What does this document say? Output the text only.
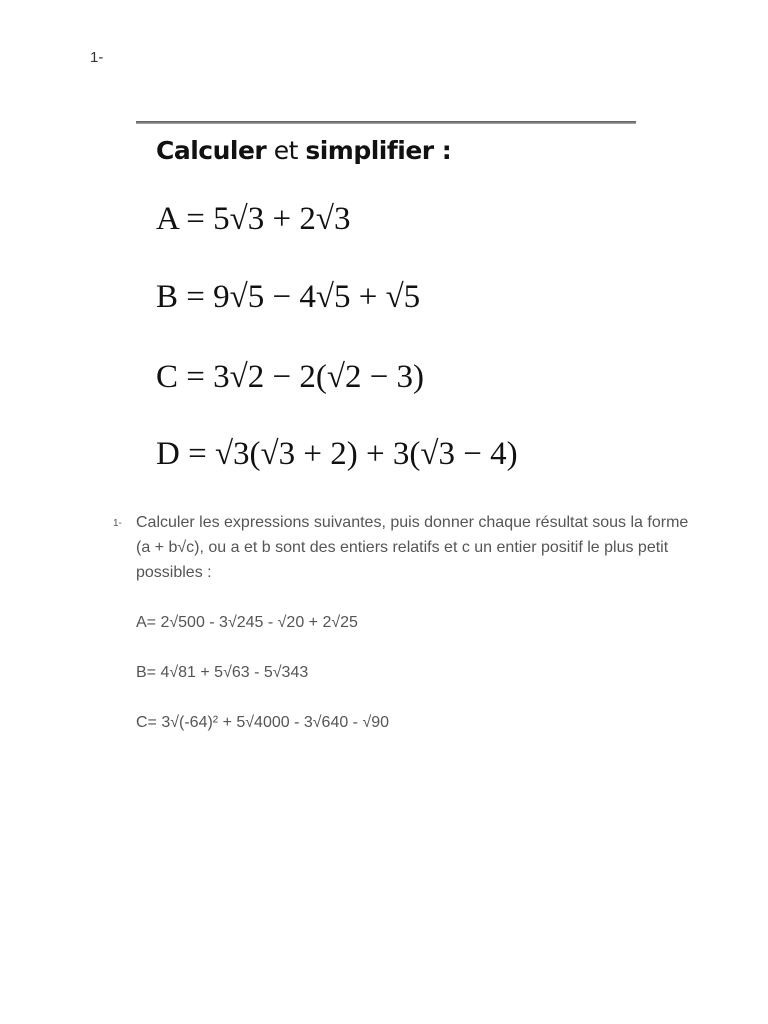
1-
Calculer et simplifier :
A = 5√3 + 2√3
B = 9√5 − 4√5 + √5
C = 3√2 − 2(√2 − 3)
D = √3(√3 + 2) + 3(√3 − 4)
1- Calculer les expressions suivantes, puis donner chaque résultat sous la forme (a + b√c), ou a et b sont des entiers relatifs et c un entier positif le plus petit possibles :

A= 2√500 - 3√245 - √20 + 2√25

B= 4√81 + 5√63 - 5√343

C= 3√(-64)² + 5√4000 - 3√640 - √90
